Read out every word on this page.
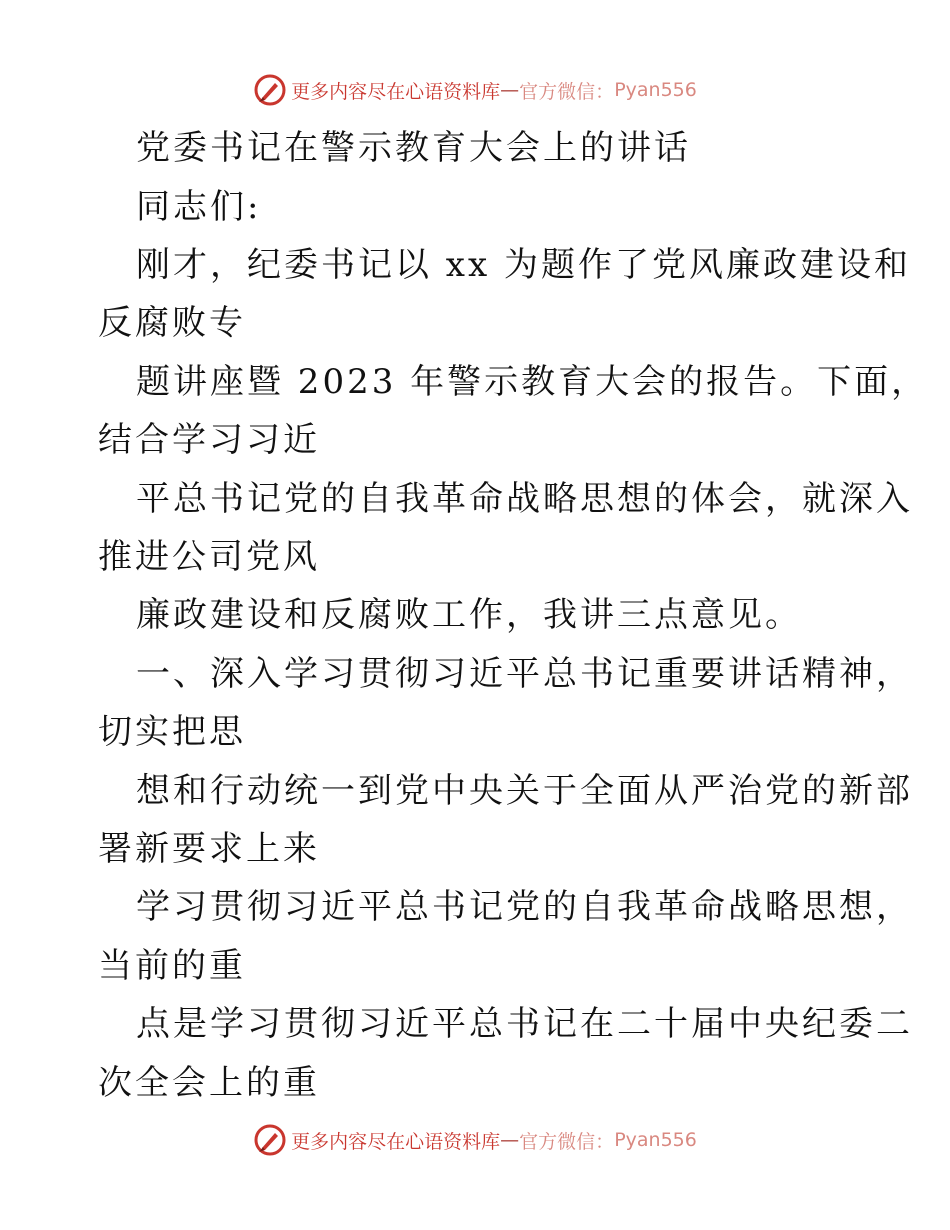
更多内容尽在心语资料库 — 官方微信： Pyan556
党委书记在警示教育大会上的讲话
同志们:
刚才，纪委书记以 xx 为题作了党风廉政建设和
反腐败专
题讲座暨 2023 年警示教育大会的报告。下面，
结合学习习近
平总书记党的自我革命战略思想的体会，就深入
推进公司党风
廉政建设和反腐败工作，我讲三点意见。
一、深入学习贯彻习近平总书记重要讲话精神，
切实把思
想和行动统一到党中央关于全面从严治党的新部
署新要求上来
学习贯彻习近平总书记党的自我革命战略思想，
当前的重
点是学习贯彻习近平总书记在二十届中央纪委二
次全会上的重
更多内容尽在心语资料库 — 官方微信： Pyan556
